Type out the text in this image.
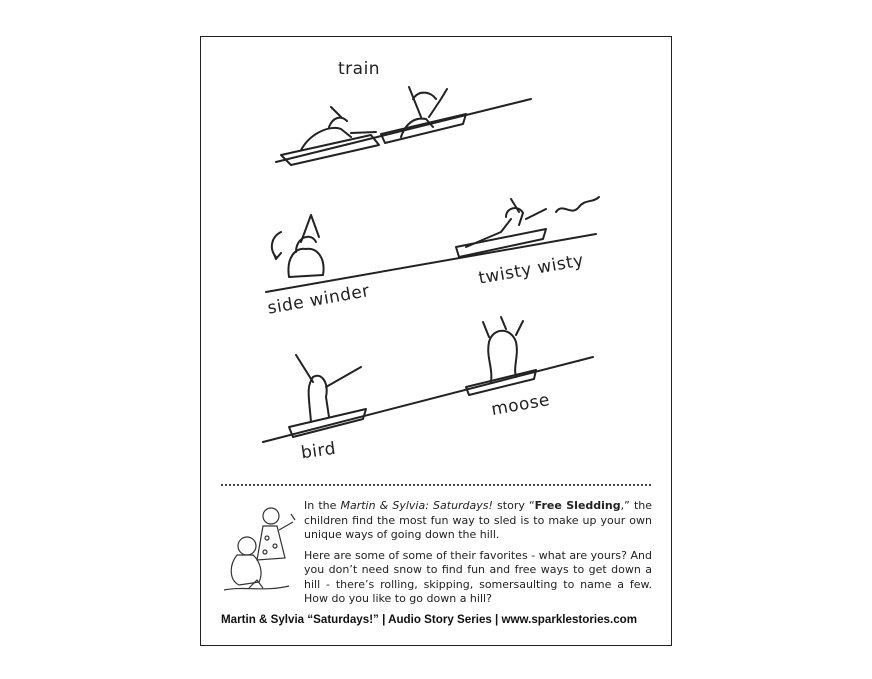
train
side winder
twisty wisty
bird
moose

In the Martin & Sylvia: Saturdays! story “Free Sledding,” the children find the most fun way to sled is to make up your own unique ways of going down the hill.

Here are some of some of their favorites - what are yours? And you don’t need snow to find fun and free ways to get down a hill - there’s rolling, skipping, somersaulting to name a few. How do you like to go down a hill?

Martin & Sylvia “Saturdays!” | Audio Story Series | www.sparklestories.com
